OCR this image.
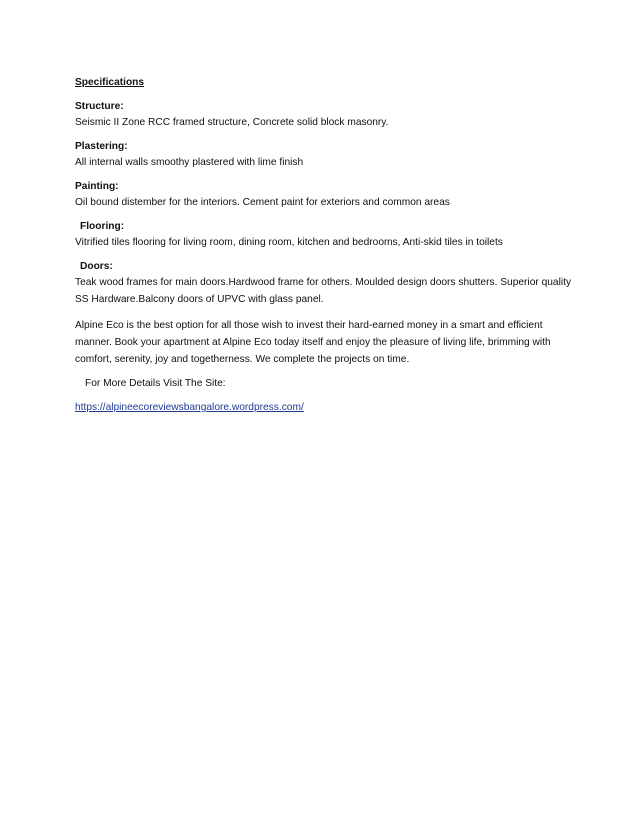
Specifications
Structure:
Seismic II Zone RCC framed structure, Concrete solid block masonry.
Plastering:
All internal walls smoothy plastered with lime finish
Painting:
Oil bound distember for the interiors. Cement paint for exteriors and common areas
Flooring:
Vitrified tiles flooring for living room, dining room, kitchen and bedrooms, Anti-skid tiles in toilets
Doors:
Teak wood frames for main doors.Hardwood frame for others. Moulded design doors shutters. Superior quality SS Hardware.Balcony doors of UPVC with glass panel.
Alpine Eco is the best option for all those wish to invest their hard-earned money in a smart and efficient manner. Book your apartment at Alpine Eco today itself and enjoy the pleasure of living life, brimming with comfort, serenity, joy and togetherness. We complete the projects on time.
For More Details Visit The Site:
https://alpineecoreviewsbangalore.wordpress.com/
